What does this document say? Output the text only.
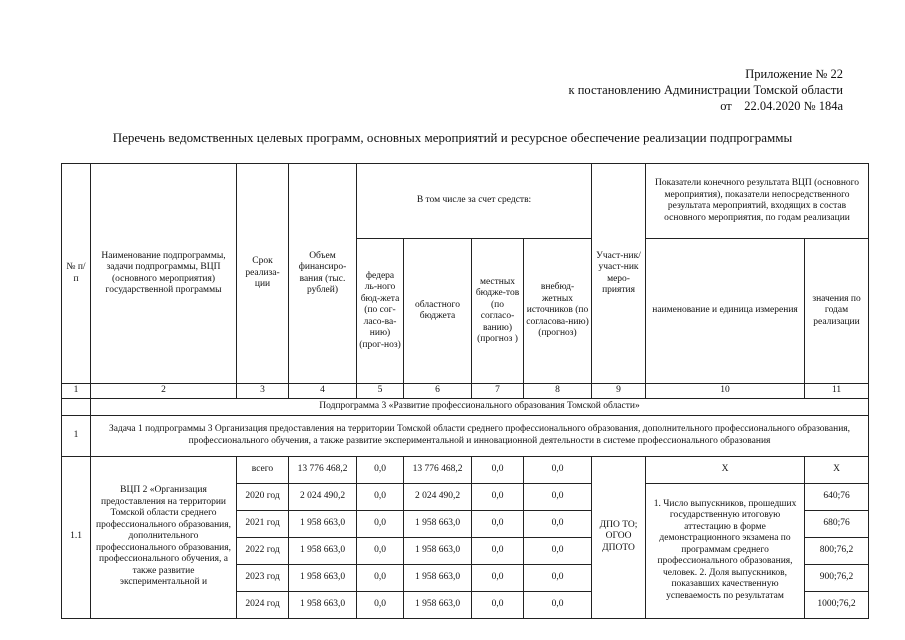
Приложение № 22
к постановлению Администрации Томской области
от    22.04.2020 № 184а
Перечень ведомственных целевых программ, основных мероприятий и ресурсное обеспечение реализации подпрограммы
№ п/п	Наименование подпрограммы, задачи подпрограммы, ВЦП (основного мероприятия) государственной программы	Срок реализа-ции	Объем финансиро-вания (тыс. рублей)	В том числе за счет средств:				Участ-ник/ участ-ник меро-приятия	Показатели конечного результата ВЦП (основного мероприятия), показатели непосредственного результата мероприятий, входящих в состав основного мероприятия, по годам реализации	
				федера ль-ного бюд-жета (по сог-ласо-ва-нию) (прог-ноз)	областного бюджета	местных бюдже-тов (по согласо-ванию) (прогноз )	внебюд-жетных источников (по согласова-нию) (прогноз)		наименование и единица измерения	значения по годам реализации
1	2	3	4	5	6	7	8	9	10	11
	Подпрограмма 3 «Развитие профессионального образования Томской области»									
1	Задача 1 подпрограммы 3 Организация предоставления на территории Томской области среднего профессионального образования, дополнительного профессионального образования, профессионального обучения, а также развитие экспериментальной и инновационной деятельности в системе профессионального образования									
1.1	ВЦП 2 «Организация предоставления на территории Томской области среднего профессионального образования, дополнительного профессионального образования, профессионального обучения, а также развитие экспериментальной и	всего	13 776 468,2	0,0	13 776 468,2	0,0	0,0	ДПО ТО; ОГОО ДПОТО	Х	Х
		2020 год	2 024 490,2	0,0	2 024 490,2	0,0	0,0		1. Число выпускников, прошедших государственную итоговую аттестацию в форме демонстрационного экзамена по программам среднего профессионального образования, человек. 2. Доля выпускников, показавших качественную успеваемость по результатам	640;76
		2021 год	1 958 663,0	0,0	1 958 663,0	0,0	0,0			680;76
		2022 год	1 958 663,0	0,0	1 958 663,0	0,0	0,0			800;76,2
		2023 год	1 958 663,0	0,0	1 958 663,0	0,0	0,0			900;76,2
		2024 год	1 958 663,0	0,0	1 958 663,0	0,0	0,0			1000;76,2
